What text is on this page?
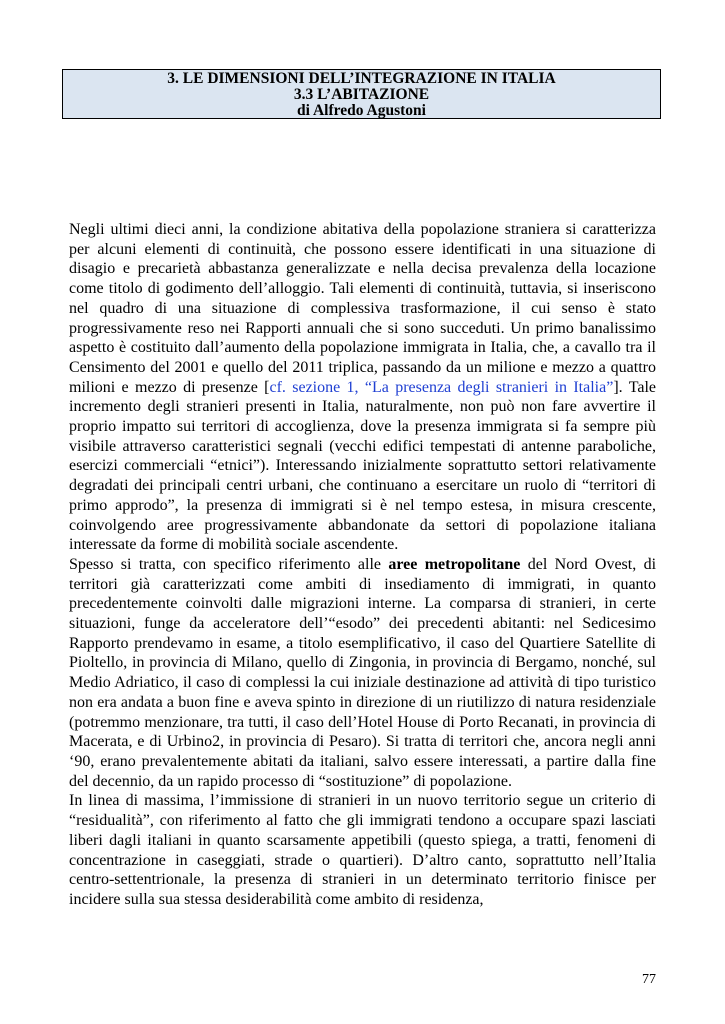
3. LE DIMENSIONI DELL’INTEGRAZIONE IN ITALIA
3.3 L’ABITAZIONE
di Alfredo Agustoni

Negli ultimi dieci anni, la condizione abitativa della popolazione straniera si caratterizza per alcuni elementi di continuità, che possono essere identificati in una situazione di disagio e precarietà abbastanza generalizzate e nella decisa prevalenza della locazione come titolo di godimento dell’alloggio. Tali elementi di continuità, tuttavia, si inseriscono nel quadro di una situazione di complessiva trasformazione, il cui senso è stato progressivamente reso nei Rapporti annuali che si sono succeduti. Un primo banalissimo aspetto è costituito dall’aumento della popolazione immigrata in Italia, che, a cavallo tra il Censimento del 2001 e quello del 2011 triplica, passando da un milione e mezzo a quattro milioni e mezzo di presenze [cf. sezione 1, “La presenza degli stranieri in Italia”]. Tale incremento degli stranieri presenti in Italia, naturalmente, non può non fare avvertire il proprio impatto sui territori di accoglienza, dove la presenza immigrata si fa sempre più visibile attraverso caratteristici segnali (vecchi edifici tempestati di antenne paraboliche, esercizi commerciali “etnici”). Interessando inizialmente soprattutto settori relativamente degradati dei principali centri urbani, che continuano a esercitare un ruolo di “territori di primo approdo”, la presenza di immigrati si è nel tempo estesa, in misura crescente, coinvolgendo aree progressivamente abbandonate da settori di popolazione italiana interessate da forme di mobilità sociale ascendente.

Spesso si tratta, con specifico riferimento alle aree metropolitane del Nord Ovest, di territori già caratterizzati come ambiti di insediamento di immigrati, in quanto precedentemente coinvolti dalle migrazioni interne. La comparsa di stranieri, in certe situazioni, funge da acceleratore dell’“esodo” dei precedenti abitanti: nel Sedicesimo Rapporto prendevamo in esame, a titolo esemplificativo, il caso del Quartiere Satellite di Pioltello, in provincia di Milano, quello di Zingonia, in provincia di Bergamo, nonché, sul Medio Adriatico, il caso di complessi la cui iniziale destinazione ad attività di tipo turistico non era andata a buon fine e aveva spinto in direzione di un riutilizzo di natura residenziale (potremmo menzionare, tra tutti, il caso dell’Hotel House di Porto Recanati, in provincia di Macerata, e di Urbino2, in provincia di Pesaro). Si tratta di territori che, ancora negli anni ‘90, erano prevalentemente abitati da italiani, salvo essere interessati, a partire dalla fine del decennio, da un rapido processo di “sostituzione” di popolazione.

In linea di massima, l’immissione di stranieri in un nuovo territorio segue un criterio di “residualità”, con riferimento al fatto che gli immigrati tendono a occupare spazi lasciati liberi dagli italiani in quanto scarsamente appetibili (questo spiega, a tratti, fenomeni di concentrazione in caseggiati, strade o quartieri). D’altro canto, soprattutto nell’Italia centro-settentrionale, la presenza di stranieri in un determinato territorio finisce per incidere sulla sua stessa desiderabilità come ambito di residenza,

77
